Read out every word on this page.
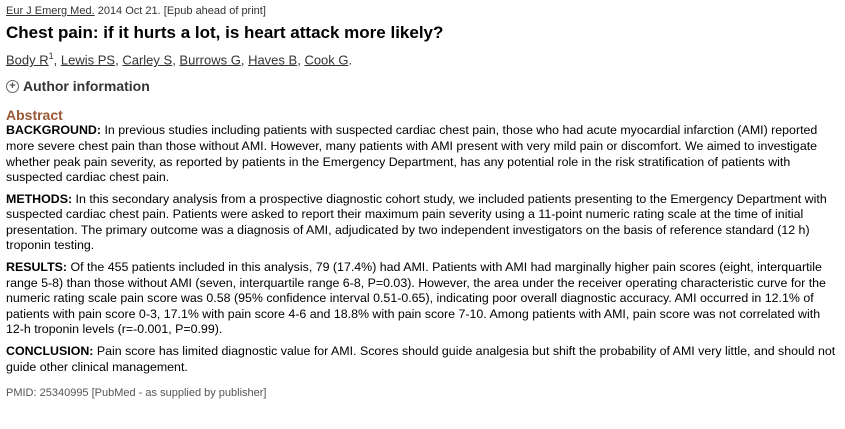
Eur J Emerg Med. 2014 Oct 21. [Epub ahead of print]
Chest pain: if it hurts a lot, is heart attack more likely?
Body $R^1$, Lewis PS, Carley S, Burrows G, Haves B, Cook G.
+ Author information
Abstract

BACKGROUND: In previous studies including patients with suspected cardiac chest pain, those who had acute myocardial infarction (AMI) reported more severe chest pain than those without AMI. However, many patients with AMI present with very mild pain or discomfort. We aimed to investigate whether peak pain severity, as reported by patients in the Emergency Department, has any potential role in the risk stratification of patients with suspected cardiac chest pain.

METHODS: In this secondary analysis from a prospective diagnostic cohort study, we included patients presenting to the Emergency Department with suspected cardiac chest pain. Patients were asked to report their maximum pain severity using a 11-point numeric rating scale at the time of initial presentation. The primary outcome was a diagnosis of AMI, adjudicated by two independent investigators on the basis of reference standard (12 h) troponin testing.

RESULTS: Of the 455 patients included in this analysis, 79 (17.4%) had AMI. Patients with AMI had marginally higher pain scores (eight, interquartile range 5-8) than those without AMI (seven, interquartile range 6-8, P=0.03). However, the area under the receiver operating characteristic curve for the numeric rating scale pain score was 0.58 (95% confidence interval 0.51-0.65), indicating poor overall diagnostic accuracy. AMI occurred in 12.1% of patients with pain score 0-3, 17.1% with pain score 4-6 and 18.8% with pain score 7-10. Among patients with AMI, pain score was not correlated with 12-h troponin levels (r=-0.001, P=0.99).

CONCLUSION: Pain score has limited diagnostic value for AMI. Scores should guide analgesia but shift the probability of AMI very little, and should not guide other clinical management.

PMID: 25340995 [PubMed - as supplied by publisher]
